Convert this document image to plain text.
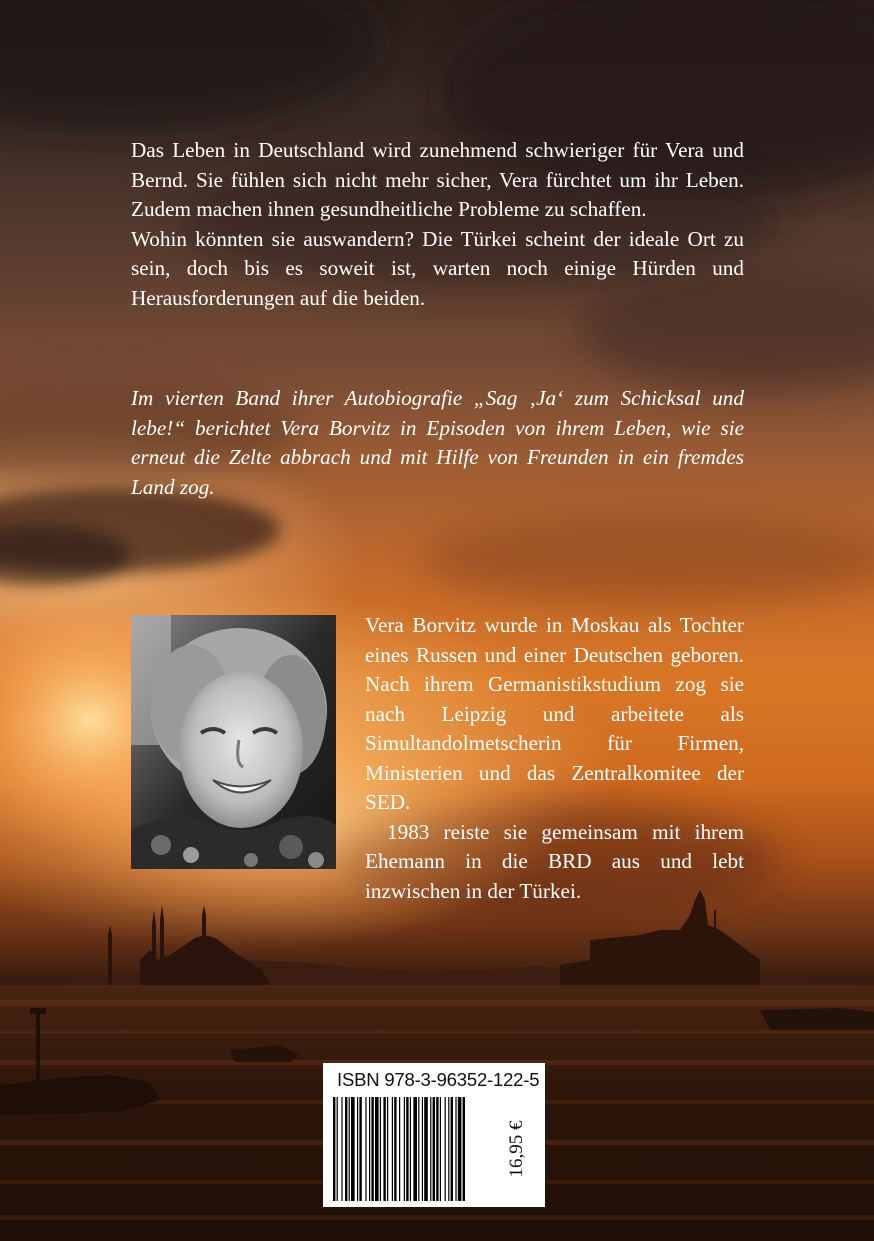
Das Leben in Deutschland wird zunehmend schwieriger für Vera und Bernd. Sie fühlen sich nicht mehr sicher, Vera fürchtet um ihr Leben. Zudem machen ihnen gesundheitliche Probleme zu schaffen.

Wohin könnten sie auswandern? Die Türkei scheint der ideale Ort zu sein, doch bis es soweit ist, warten noch einige Hürden und Herausforderungen auf die beiden.

Im vierten Band ihrer Autobiografie „Sag ‚Ja‘ zum Schicksal und lebe!“ berichtet Vera Borvitz in Episoden von ihrem Leben, wie sie erneut die Zelte abbrach und mit Hilfe von Freunden in ein fremdes Land zog.

Vera Borvitz wurde in Moskau als Tochter eines Russen und einer Deutschen geboren. Nach ihrem Germanistikstudium zog sie nach Leipzig und arbeitete als Simultandolmetscherin für Firmen, Ministerien und das Zentralkomitee der SED.

1983 reiste sie gemeinsam mit ihrem Ehemann in die BRD aus und lebt inzwischen in der Türkei.

ISBN 978-3-96352-122-5
16,95 €
